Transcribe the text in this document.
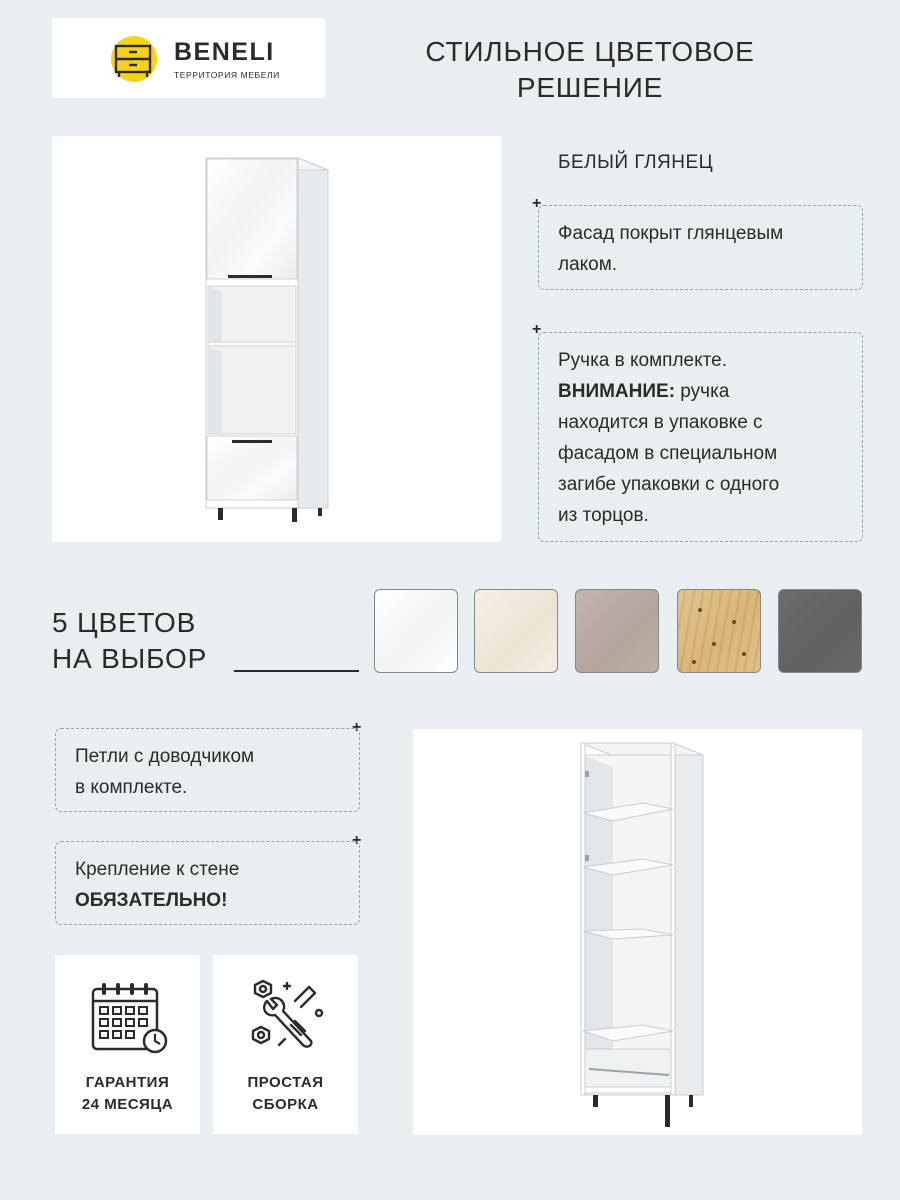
BENELI
ТЕРРИТОРИЯ МЕБЕЛИ
СТИЛЬНОЕ ЦВЕТОВОЕ
РЕШЕНИЕ
БЕЛЫЙ ГЛЯНЕЦ
+
Фасад покрыт глянцевым
лаком.
+
Ручка в комплекте.
ВНИМАНИЕ: ручка
находится в упаковке с
фасадом в специальном
загибе упаковки с одного
из торцов.
5 ЦВЕТОВ
НА ВЫБОР
+
Петли с доводчиком
в комплекте.
+
Крепление к стене
ОБЯЗАТЕЛЬНО!
ГАРАНТИЯ
24 МЕСЯЦА
ПРОСТАЯ
СБОРКА
